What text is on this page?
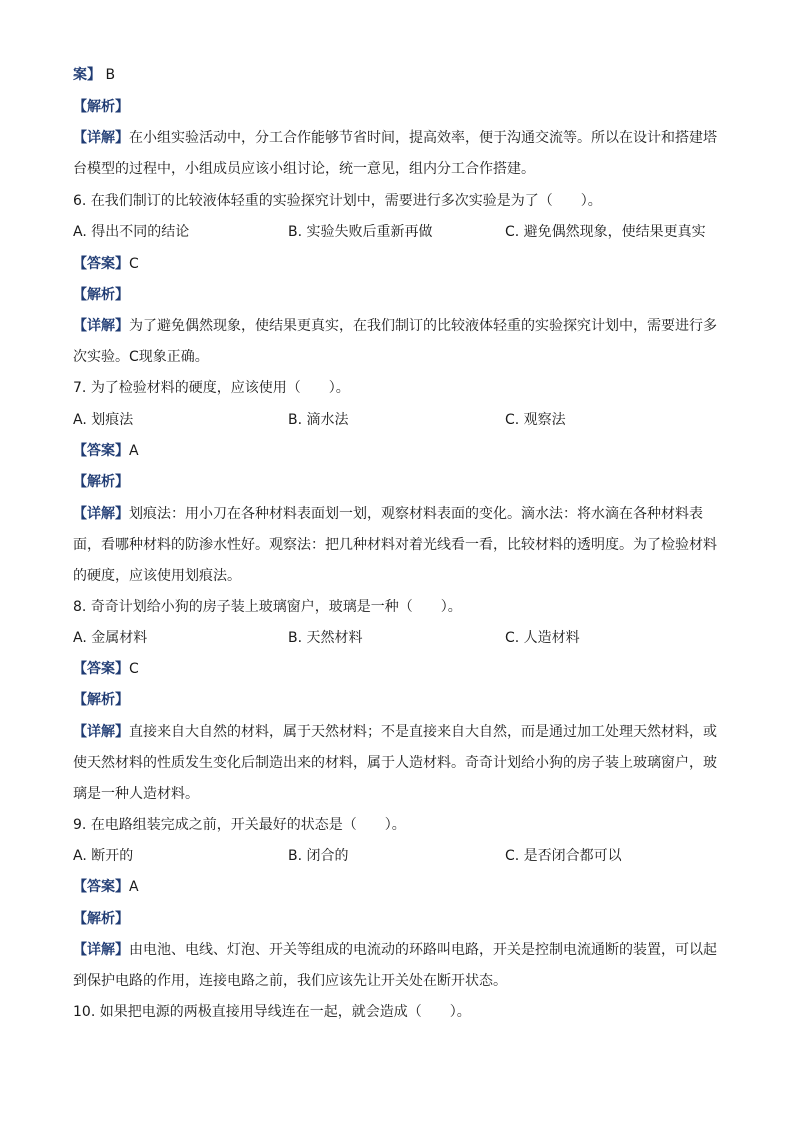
案】 B
【解析】
【详解】在小组实验活动中，分工合作能够节省时间，提高效率，便于沟通交流等。所以在设计和搭建塔
台模型的过程中，小组成员应该小组讨论，统一意见，组内分工合作搭建。
6. 在我们制订的比较液体轻重的实验探究计划中，需要进行多次实验是为了（　　）。
A. 得出不同的结论	B. 实验失败后重新再做	C. 避免偶然现象，使结果更真实
【答案】C
【解析】
【详解】为了避免偶然现象，使结果更真实，在我们制订的比较液体轻重的实验探究计划中，需要进行多
次实验。C现象正确。
7. 为了检验材料的硬度，应该使用（　　）。
A. 划痕法	B. 滴水法	C. 观察法
【答案】A
【解析】
【详解】划痕法：用小刀在各种材料表面划一划，观察材料表面的变化。滴水法：将水滴在各种材料表
面，看哪种材料的防渗水性好。观察法：把几种材料对着光线看一看，比较材料的透明度。为了检验材料
的硬度，应该使用划痕法。
8. 奇奇计划给小狗的房子装上玻璃窗户，玻璃是一种（　　）。
A. 金属材料	B. 天然材料	C. 人造材料
【答案】C
【解析】
【详解】直接来自大自然的材料，属于天然材料；不是直接来自大自然，而是通过加工处理天然材料，或
使天然材料的性质发生变化后制造出来的材料，属于人造材料。奇奇计划给小狗的房子装上玻璃窗户，玻
璃是一种人造材料。
9. 在电路组装完成之前，开关最好的状态是（　　）。
A. 断开的	B. 闭合的	C. 是否闭合都可以
【答案】A
【解析】
【详解】由电池、电线、灯泡、开关等组成的电流动的环路叫电路，开关是控制电流通断的装置，可以起
到保护电路的作用，连接电路之前，我们应该先让开关处在断开状态。
10. 如果把电源的两极直接用导线连在一起，就会造成（　　）。
